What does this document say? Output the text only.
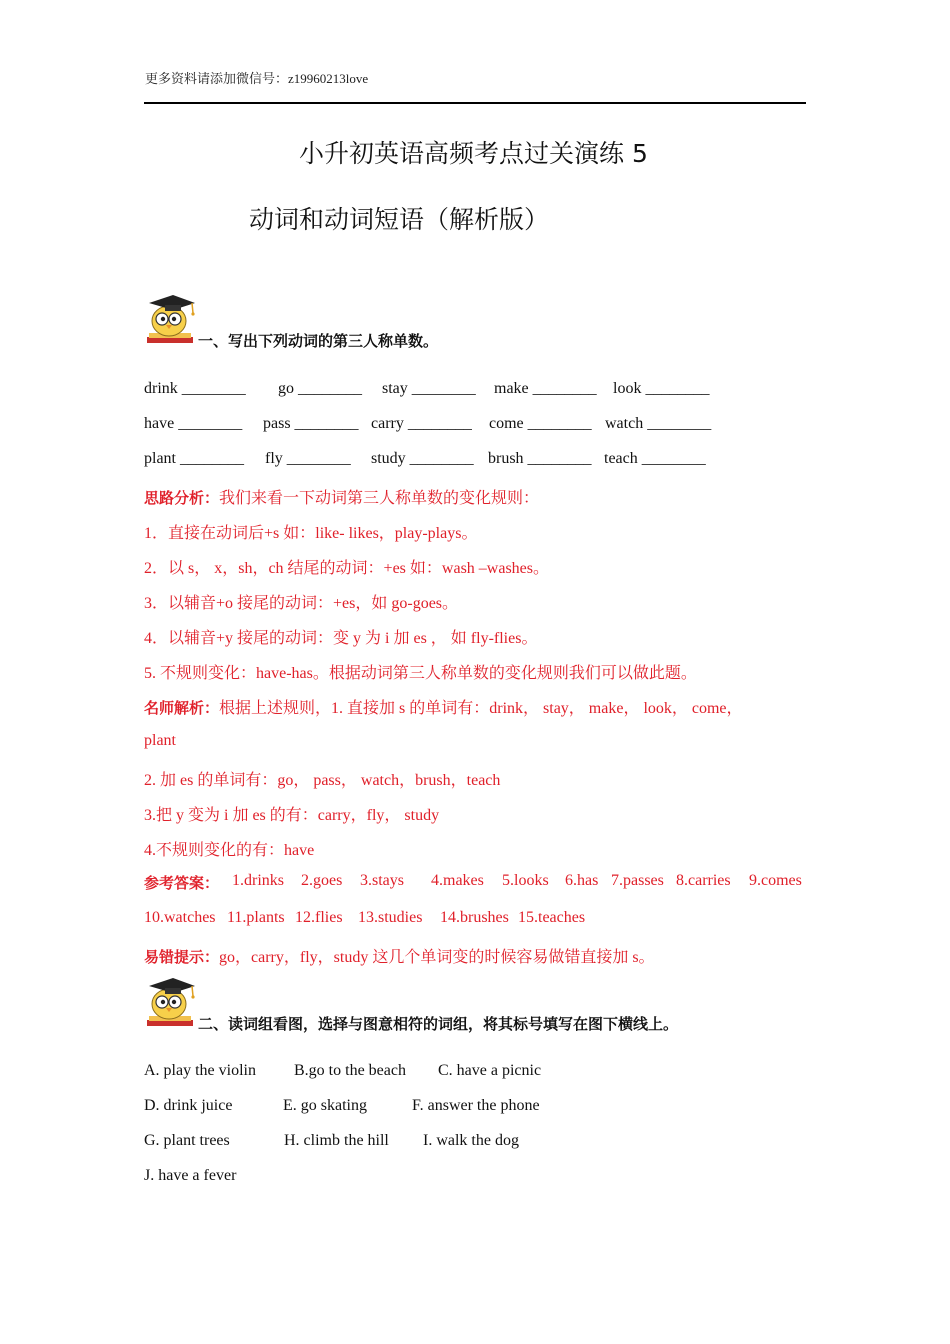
更多资料请添加微信号：z19960213love
小升初英语高频考点过关演练 5
动词和动词短语（解析版）
一、写出下列动词的第三人称单数。
drink ________	go ________	stay ________	make ________	look ________
have ________	pass ________ carry ________	come ________ watch ________
plant ________	fly ________	study ________ brush ________ teach ________
思路分析：我们来看一下动词第三人称单数的变化规则：
1．直接在动词后+s 如：like- likes，play-plays。
2．以 s， x，sh，ch 结尾的动词：+es 如：wash –washes。
3．以辅音+o 接尾的动词：+es，如 go-goes。
4．以辅音+y 接尾的动词：变 y 为 i 加 es ， 如 fly-flies。
5. 不规则变化：have-has。根据动词第三人称单数的变化规则我们可以做此题。
名师解析：根据上述规则，1. 直接加 s 的单词有：drink， stay， make， look， come，
plant
2. 加 es 的单词有：go， pass， watch，brush，teach
3.把 y 变为 i 加 es 的有：carry，fly， study
4.不规则变化的有：have
参考答案： 1.drinks 2.goes 3.stays 4.makes 5.looks 6.has 7.passes 8.carries 9.comes
10.watches 11.plants 12.flies 13.studies 14.brushes 15.teaches
易错提示：go，carry，fly，study 这几个单词变的时候容易做错直接加 s。
二、读词组看图，选择与图意相符的词组，将其标号填写在图下横线上。
A. play the violin	B.go to the beach	C. have a picnic
D. drink juice	E. go skating	F. answer the phone
G. plant trees	H. climb the hill	I. walk the dog
J. have a fever
